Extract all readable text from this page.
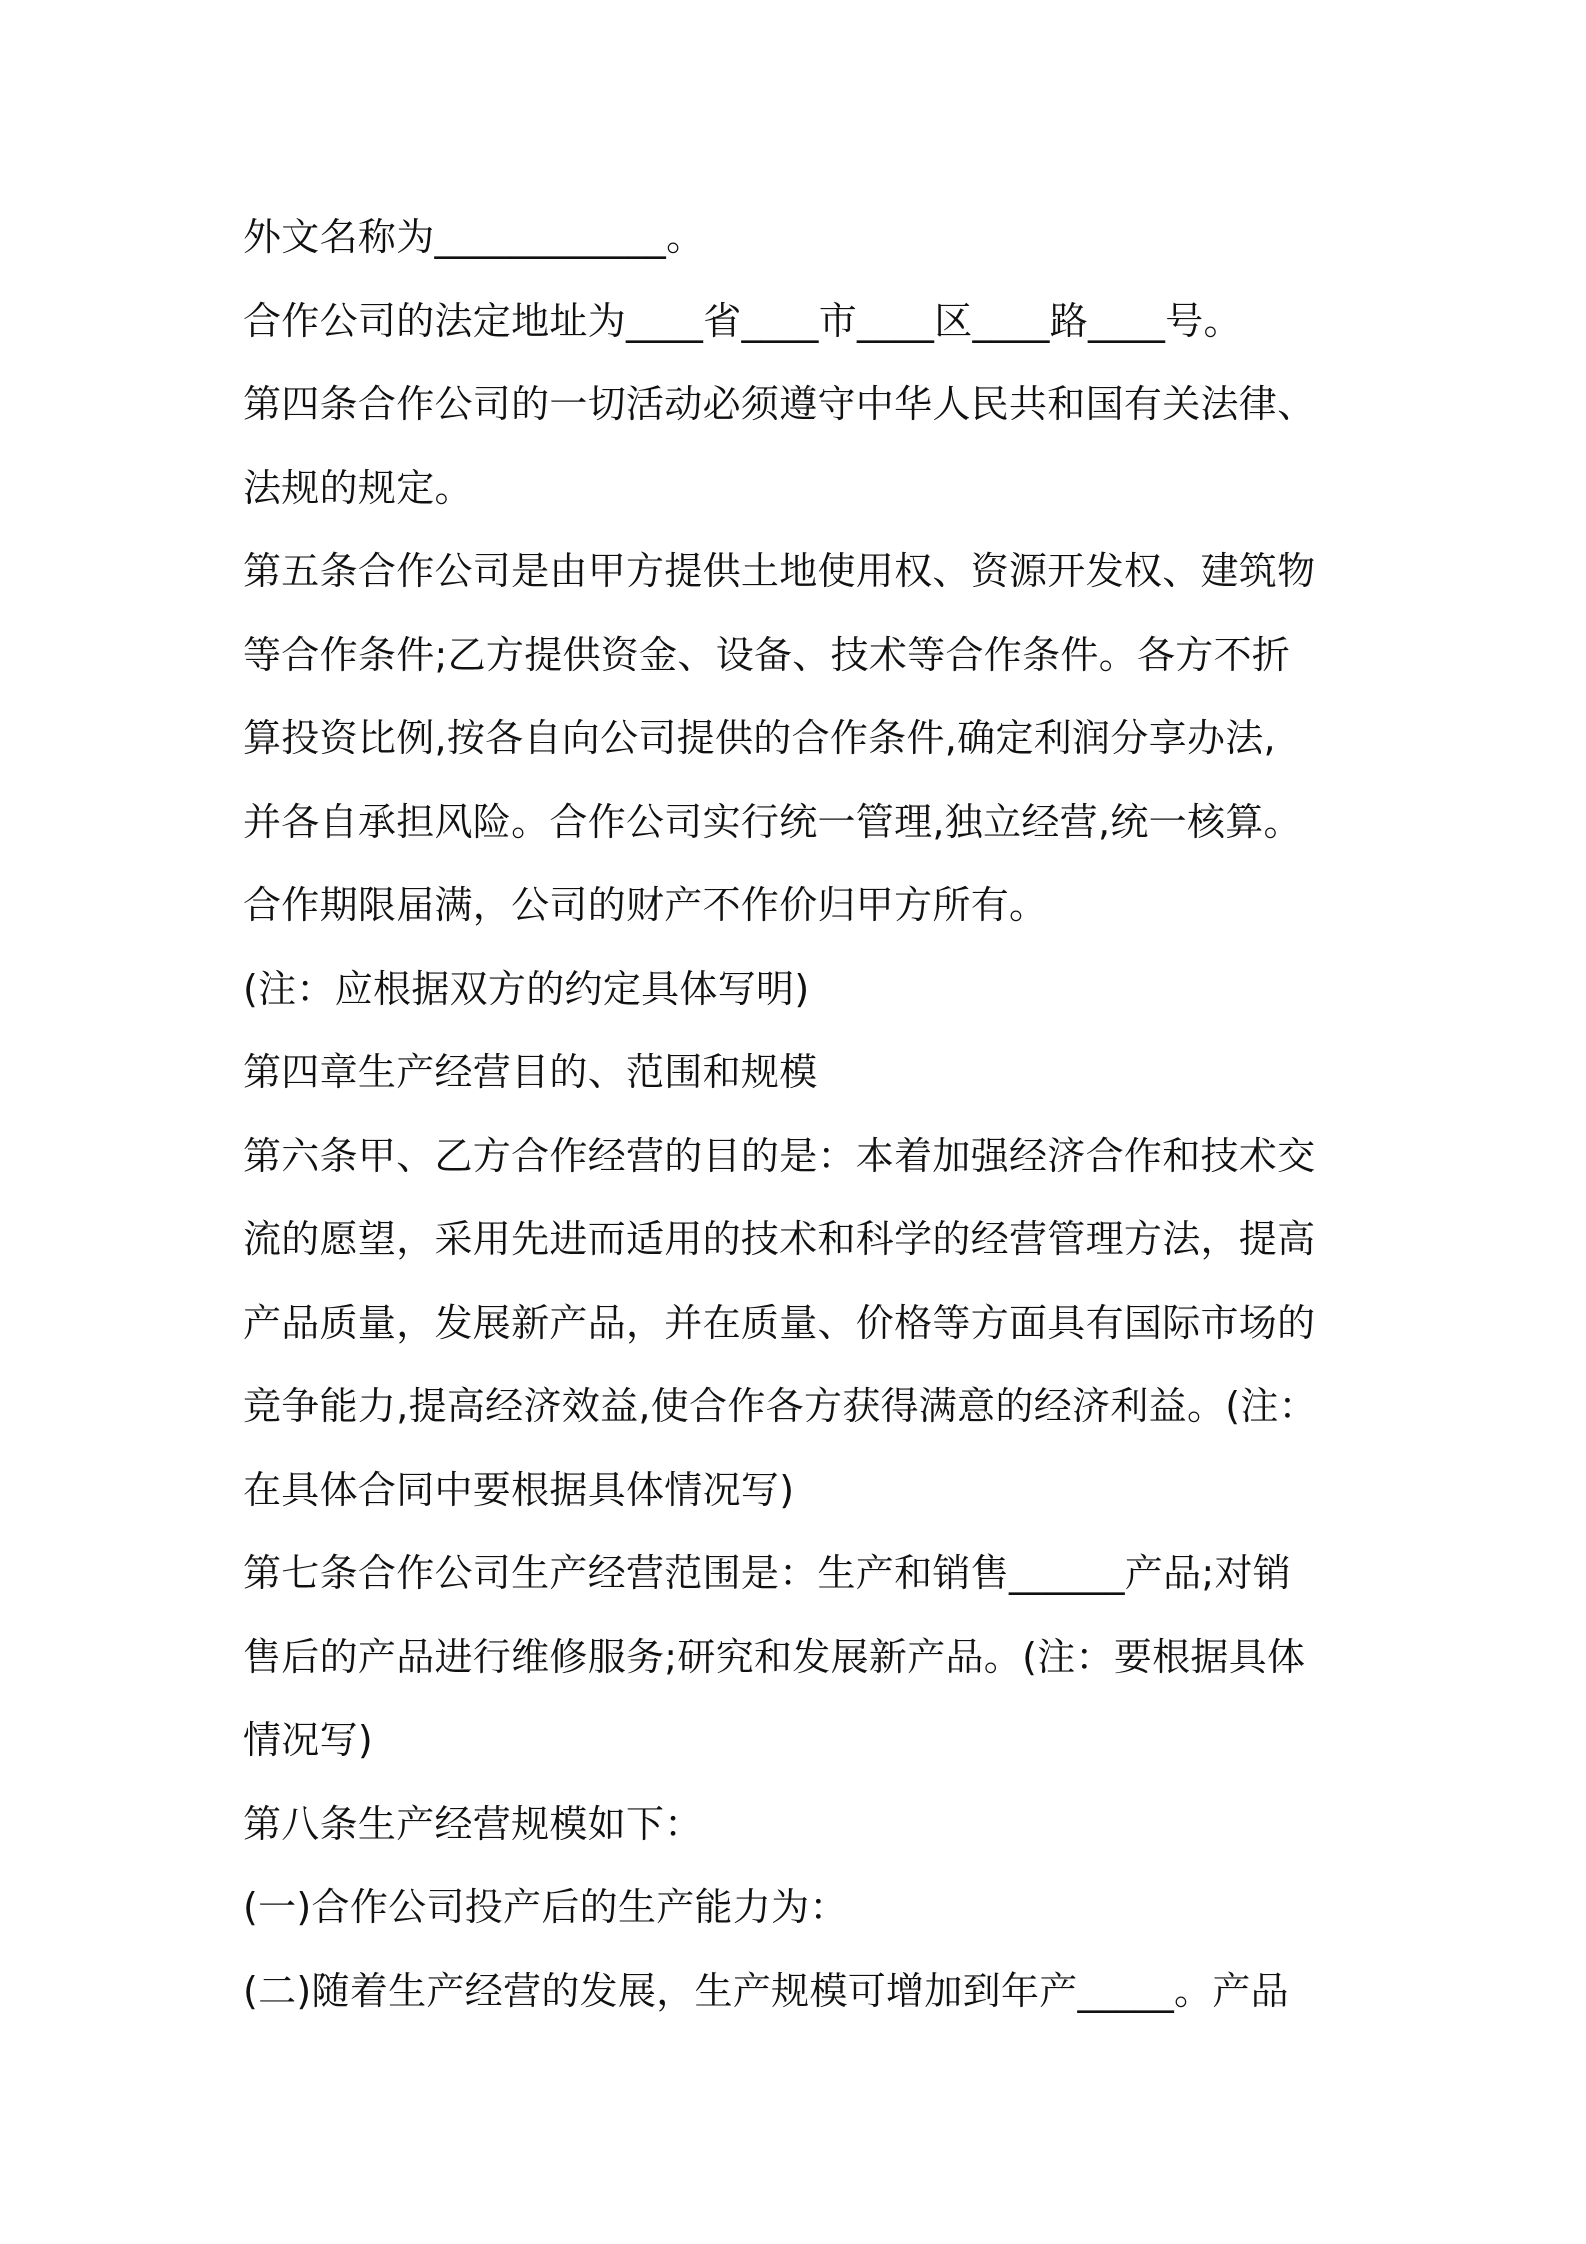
外文名称为____________。
合作公司的法定地址为____省____市____区____路____号。
第四条合作公司的一切活动必须遵守中华人民共和国有关法律、
法规的规定。
第五条合作公司是由甲方提供土地使用权、资源开发权、建筑物
等合作条件;乙方提供资金、设备、技术等合作条件。各方不折
算投资比例,按各自向公司提供的合作条件,确定利润分享办法,
并各自承担风险。合作公司实行统一管理,独立经营,统一核算。
合作期限届满，公司的财产不作价归甲方所有。
(注：应根据双方的约定具体写明)
第四章生产经营目的、范围和规模
第六条甲、乙方合作经营的目的是：本着加强经济合作和技术交
流的愿望，采用先进而适用的技术和科学的经营管理方法，提高
产品质量，发展新产品，并在质量、价格等方面具有国际市场的
竞争能力,提高经济效益,使合作各方获得满意的经济利益。(注：
在具体合同中要根据具体情况写)
第七条合作公司生产经营范围是：生产和销售______产品;对销
售后的产品进行维修服务;研究和发展新产品。(注：要根据具体
情况写)
第八条生产经营规模如下：
(一)合作公司投产后的生产能力为：
(二)随着生产经营的发展，生产规模可增加到年产_____。产品
